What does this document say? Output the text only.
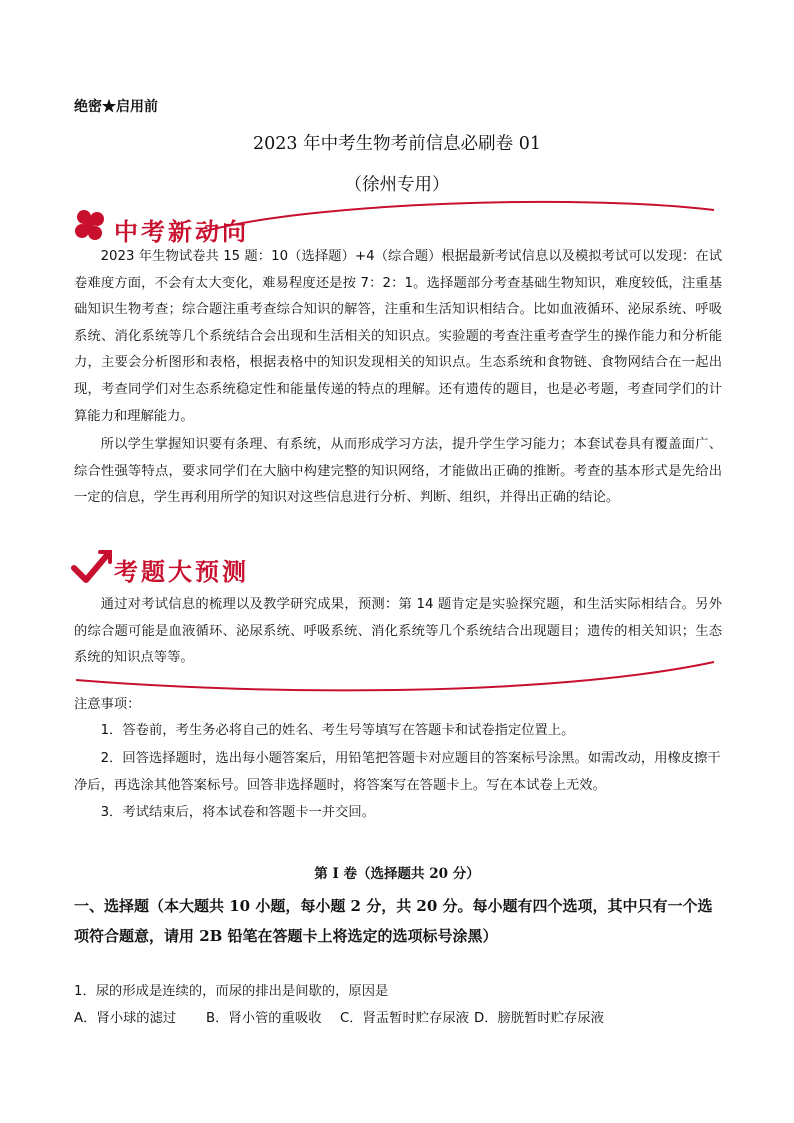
绝密★启用前
2023 年中考生物考前信息必刷卷 01
（徐州专用）
中考新动向
2023 年生物试卷共 15 题：10（选择题）+4（综合题）根据最新考试信息以及模拟考试可以发现：在试卷难度方面，不会有太大变化，难易程度还是按 7：2：1。选择题部分考查基础生物知识，难度较低，注重基础知识生物考查；综合题注重考查综合知识的解答，注重和生活知识相结合。比如血液循环、泌尿系统、呼吸系统、消化系统等几个系统结合会出现和生活相关的知识点。实验题的考查注重考查学生的操作能力和分析能力，主要会分析图形和表格，根据表格中的知识发现相关的知识点。生态系统和食物链、食物网结合在一起出现，考查同学们对生态系统稳定性和能量传递的特点的理解。还有遗传的题目，也是必考题，考查同学们的计算能力和理解能力。
所以学生掌握知识要有条理、有系统，从而形成学习方法，提升学生学习能力；本套试卷具有覆盖面广、综合性强等特点，要求同学们在大脑中构建完整的知识网络，才能做出正确的推断。考查的基本形式是先给出一定的信息，学生再利用所学的知识对这些信息进行分析、判断、组织，并得出正确的结论。
考题大预测
通过对考试信息的梳理以及教学研究成果，预测：第 14 题肯定是实验探究题，和生活实际相结合。另外的综合题可能是血液循环、泌尿系统、呼吸系统、消化系统等几个系统结合出现题目；遗传的相关知识；生态系统的知识点等等。
注意事项：
1．答卷前，考生务必将自己的姓名、考生号等填写在答题卡和试卷指定位置上。
2．回答选择题时，选出每小题答案后，用铅笔把答题卡对应题目的答案标号涂黑。如需改动，用橡皮擦干净后，再选涂其他答案标号。回答非选择题时，将答案写在答题卡上。写在本试卷上无效。
3．考试结束后，将本试卷和答题卡一并交回。
第 I 卷（选择题共 20 分）
一、选择题（本大题共 10 小题，每小题 2 分，共 20 分。每小题有四个选项，其中只有一个选项符合题意，请用 2B 铅笔在答题卡上将选定的选项标号涂黑）
1．尿的形成是连续的，而尿的排出是间歇的，原因是
A．肾小球的滤过 B．肾小管的重吸收 C．肾盂暂时贮存尿液 D．膀胱暂时贮存尿液
